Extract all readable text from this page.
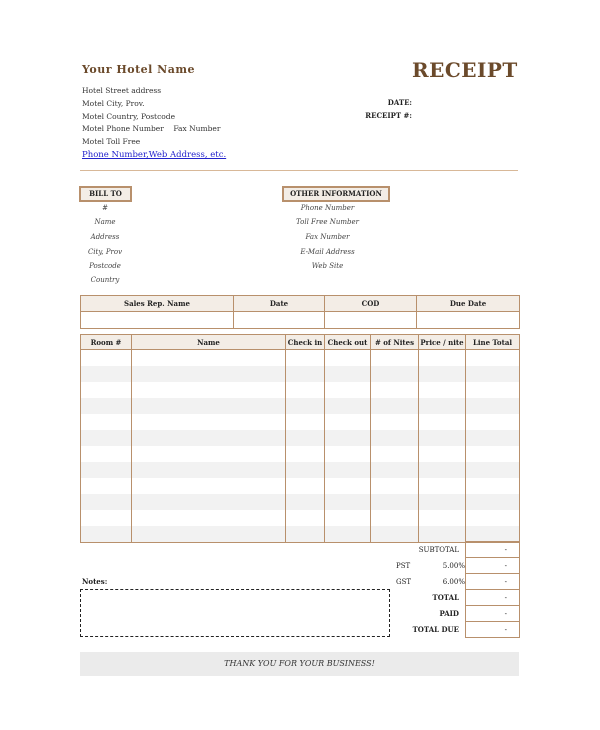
Your Hotel Name	RECEIPT
Hotel Street address
Motel City, Prov.
Motel Country, Postcode
Motel Phone Number    Fax Number
Motel Toll Free
Phone Number,Web Address, etc.
DATE:
RECEIPT #:
BILL TO
#
Name
Address
City, Prov
Postcode
Country
OTHER INFORMATION
Phone Number
Toll Free Number
Fax Number
E-Mail Address
Web Site
Sales Rep. Name	Date	COD	Due Date

Room #	Name	Check in	Check out	# of Nites	Price / nite	Line Total

SUBTOTAL	-

PST 5.00%	-

GST 6.00%	-
TOTAL	-
PAID	-
TOTAL DUE	-
Notes:
THANK YOU FOR YOUR BUSINESS!
